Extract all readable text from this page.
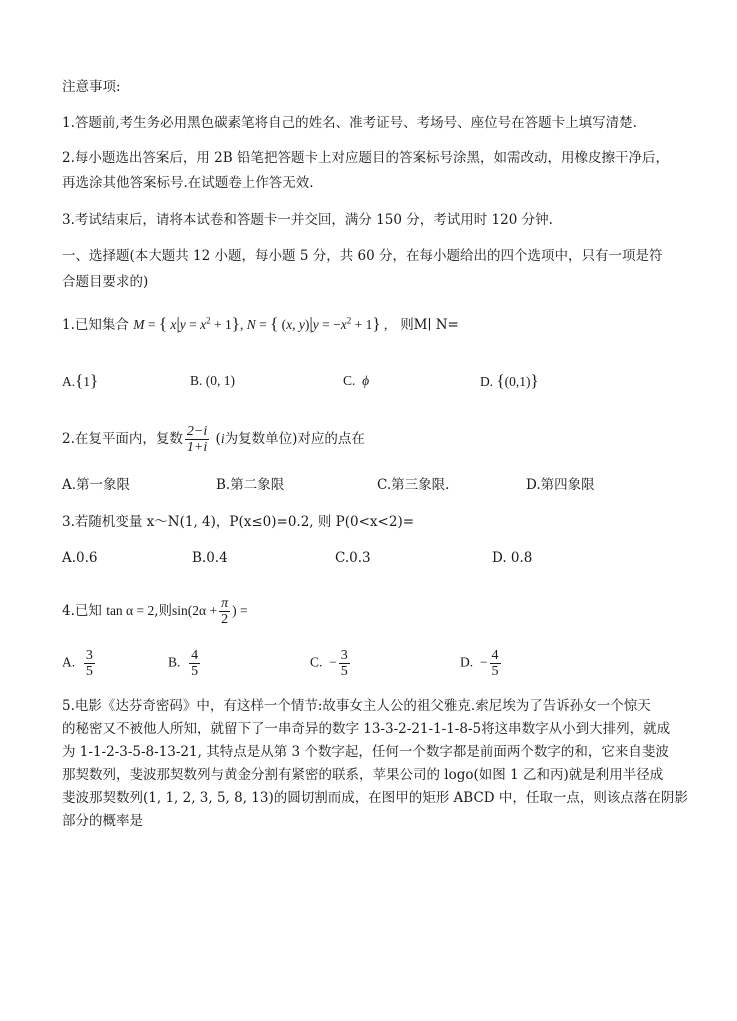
注意事项:
1.答题前,考生务必用黑色碳素笔将自己的姓名、准考证号、考场号、座位号在答题卡上填写清楚.
2.每小题选出答案后，用 2B 铅笔把答题卡上对应题目的答案标号涂黑，如需改动，用橡皮擦干净后，
再选涂其他答案标号.在试题卷上作答无效.
3.考试结束后，请将本试卷和答题卡一并交回，满分 150 分，考试用时 120 分钟.
一、选择题(本大题共 12 小题，每小题 5 分，共 60 分，在每小题给出的四个选项中，只有一项是符
合题目要求的)
1.已知集合 M = { $x|y = x^2 + 1$}, N = { (x, $y)|y = -x^2 + 1$} , 则M∣ N=
A.{1}	B. (0, 1)	C. ϕ	D. {(0,1)}
2.在复平面内，复数 $\frac{2-i}{1+i} (i$为复数单位)对应的点在
A.第一象限	B.第二象限	C.第三象限.	D.第四象限
3.若随机变量 x～N(1, 4)，P(x≤0)=0.2, 则 P(0<x<2)=
A.0.6	B.0.4	C.0.3	D. 0.8
4.已知 tan α = 2,则$\sin(2\alpha + \frac{\pi}{2}$ ) =
A. $\frac{3}{5}$	B. $\frac{4}{5}$	C. − $\frac{3}{5}$	D. − $\frac{4}{5}$
5.电影《达芬奇密码》中，有这样一个情节:故事女主人公的祖父雅克.索尼埃为了告诉孙女一个惊天
的秘密又不被他人所知，就留下了一串奇异的数字 13-3-2-21-1-1-8-5将这串数字从小到大排列，就成
为 1-1-2-3-5-8-13-21, 其特点是从第 3 个数字起，任何一个数字都是前面两个数字的和，它来自斐波
那契数列，斐波那契数列与黄金分割有紧密的联系，苹果公司的 logo(如图 1 乙和丙)就是利用半径成
斐波那契数列(1, 1, 2, 3, 5, 8, 13)的圆切割而成，在图甲的矩形 ABCD 中，任取一点，则该点落在阴影
部分的概率是
